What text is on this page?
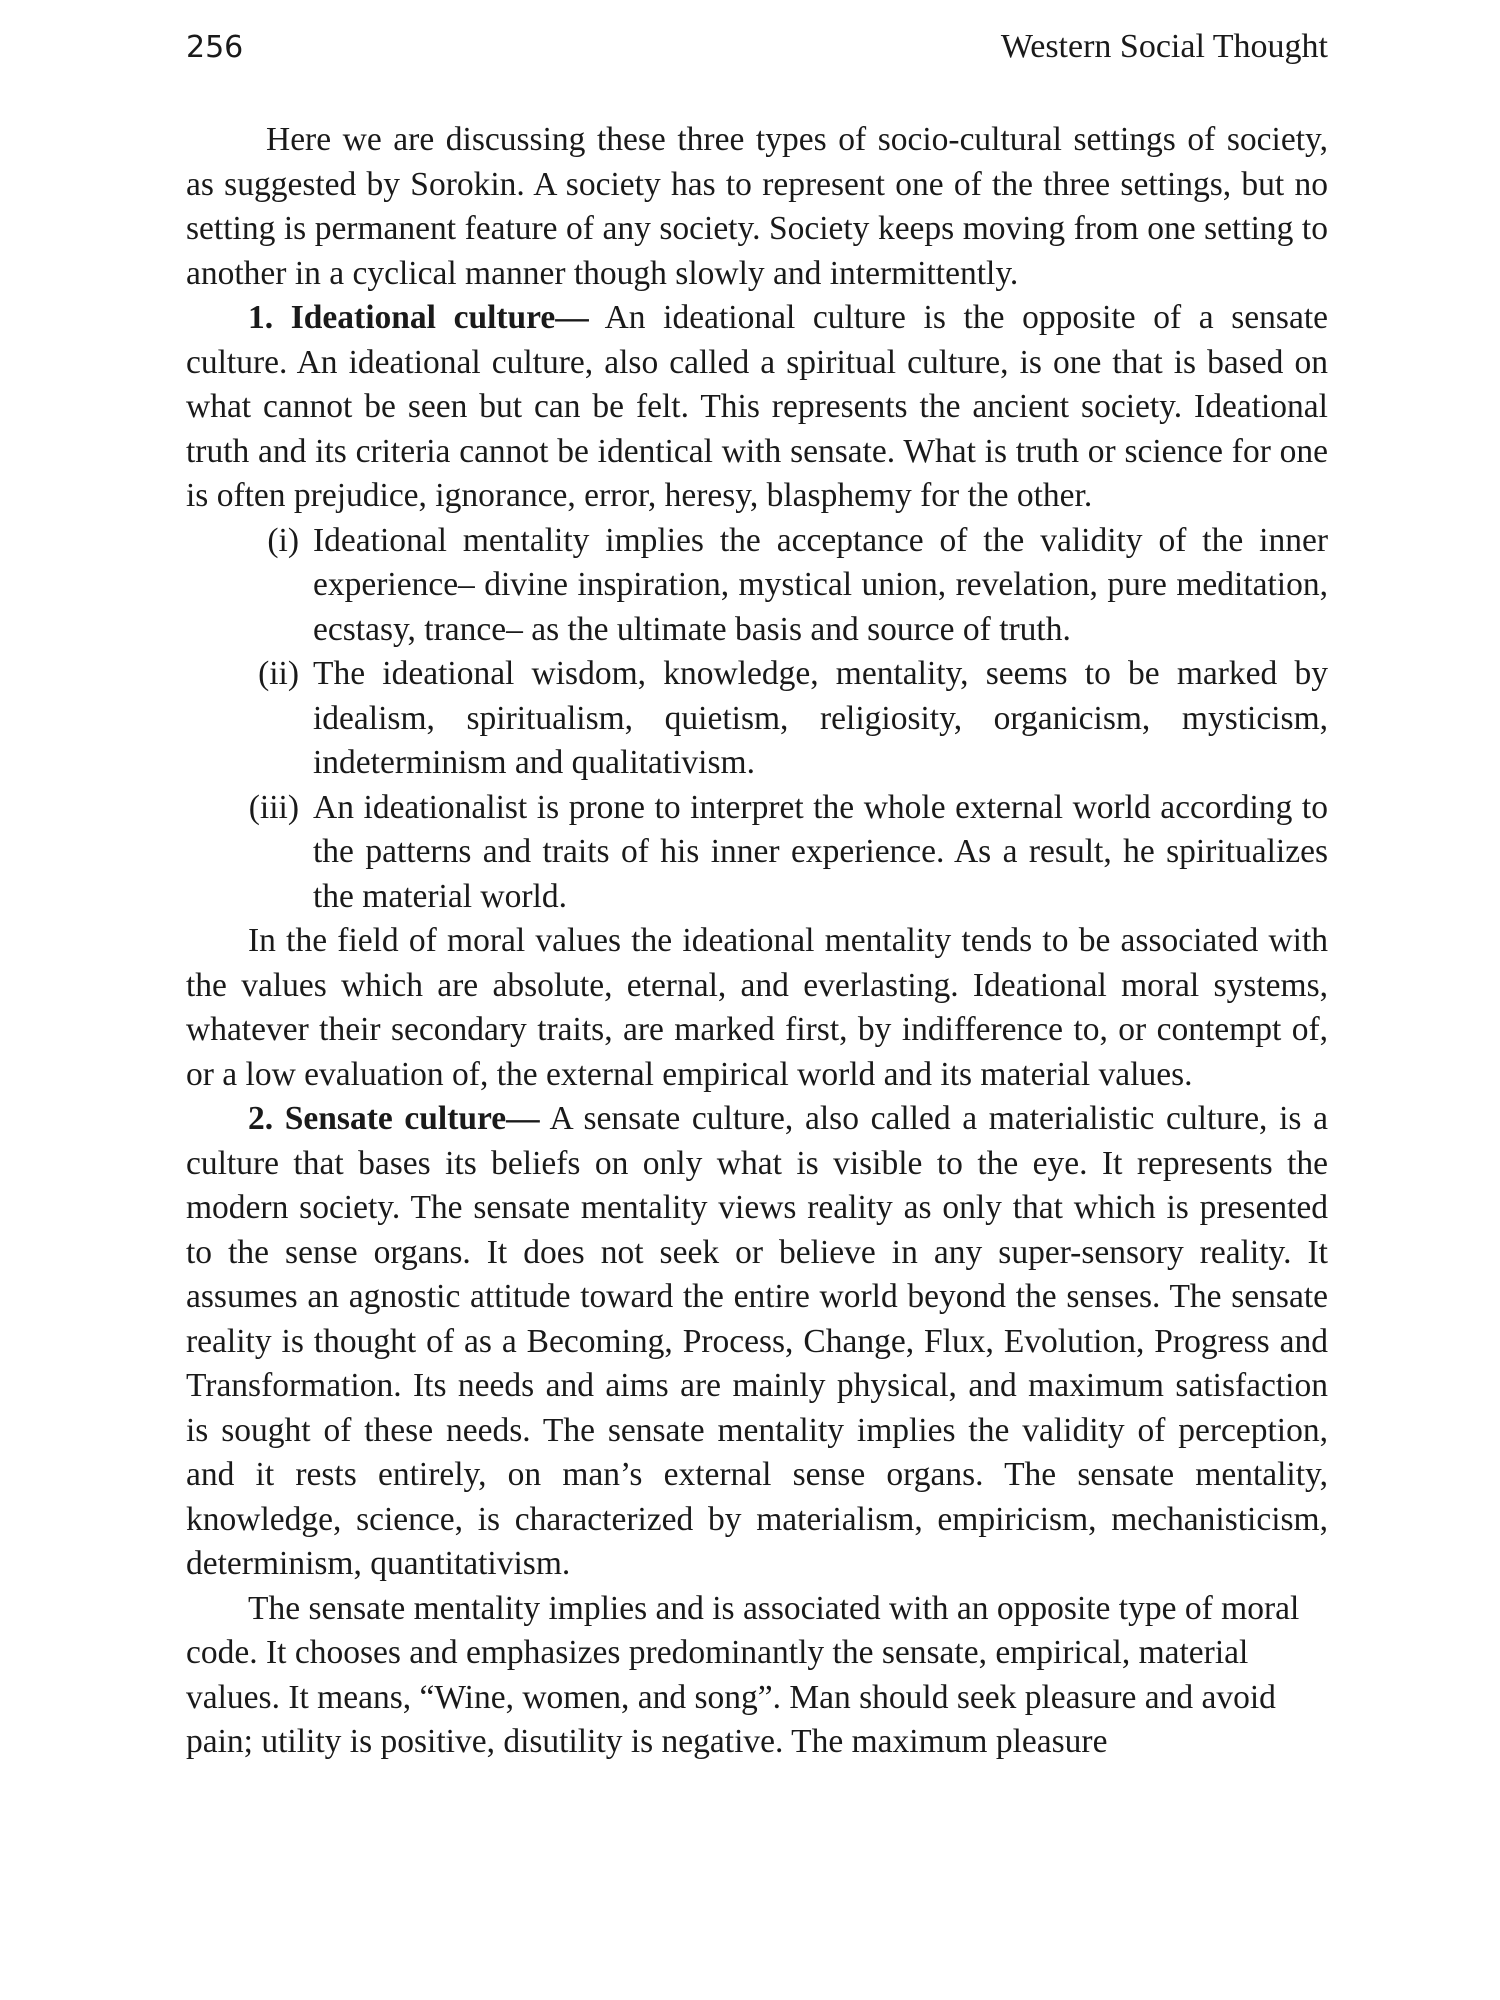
256	Western Social Thought

Here we are discussing these three types of socio-cultural settings of society, as suggested by Sorokin. A society has to represent one of the three settings, but no setting is permanent feature of any society. Society keeps moving from one setting to another in a cyclical manner though slowly and intermittently.

1. Ideational culture— An ideational culture is the opposite of a sensate culture. An ideational culture, also called a spiritual culture, is one that is based on what cannot be seen but can be felt. This represents the ancient society. Ideational truth and its criteria cannot be identical with sensate. What is truth or science for one is often prejudice, ignorance, error, heresy, blasphemy for the other.

(i) Ideational mentality implies the acceptance of the validity of the inner experience– divine inspiration, mystical union, revelation, pure meditation, ecstasy, trance– as the ultimate basis and source of truth.
(ii) The ideational wisdom, knowledge, mentality, seems to be marked by idealism, spiritualism, quietism, religiosity, organicism, mysticism, indeterminism and qualitativism.
(iii) An ideationalist is prone to interpret the whole external world according to the patterns and traits of his inner experience. As a result, he spiritualizes the material world.

In the field of moral values the ideational mentality tends to be associated with the values which are absolute, eternal, and everlasting. Ideational moral systems, whatever their secondary traits, are marked first, by indifference to, or contempt of, or a low evaluation of, the external empirical world and its material values.

2. Sensate culture— A sensate culture, also called a materialistic culture, is a culture that bases its beliefs on only what is visible to the eye. It represents the modern society. The sensate mentality views reality as only that which is presented to the sense organs. It does not seek or believe in any super-sensory reality. It assumes an agnostic attitude toward the entire world beyond the senses. The sensate reality is thought of as a Becoming, Process, Change, Flux, Evolution, Progress and Transformation. Its needs and aims are mainly physical, and maximum satisfaction is sought of these needs. The sensate mentality implies the validity of perception, and it rests entirely, on man’s external sense organs. The sensate mentality, knowledge, science, is characterized by materialism, empiricism, mechanisticism, determinism, quantitativism.

The sensate mentality implies and is associated with an opposite type of moral code. It chooses and emphasizes predominantly the sensate, empirical, material values. It means, “Wine, women, and song”. Man should seek pleasure and avoid pain; utility is positive, disutility is negative. The maximum pleasure
